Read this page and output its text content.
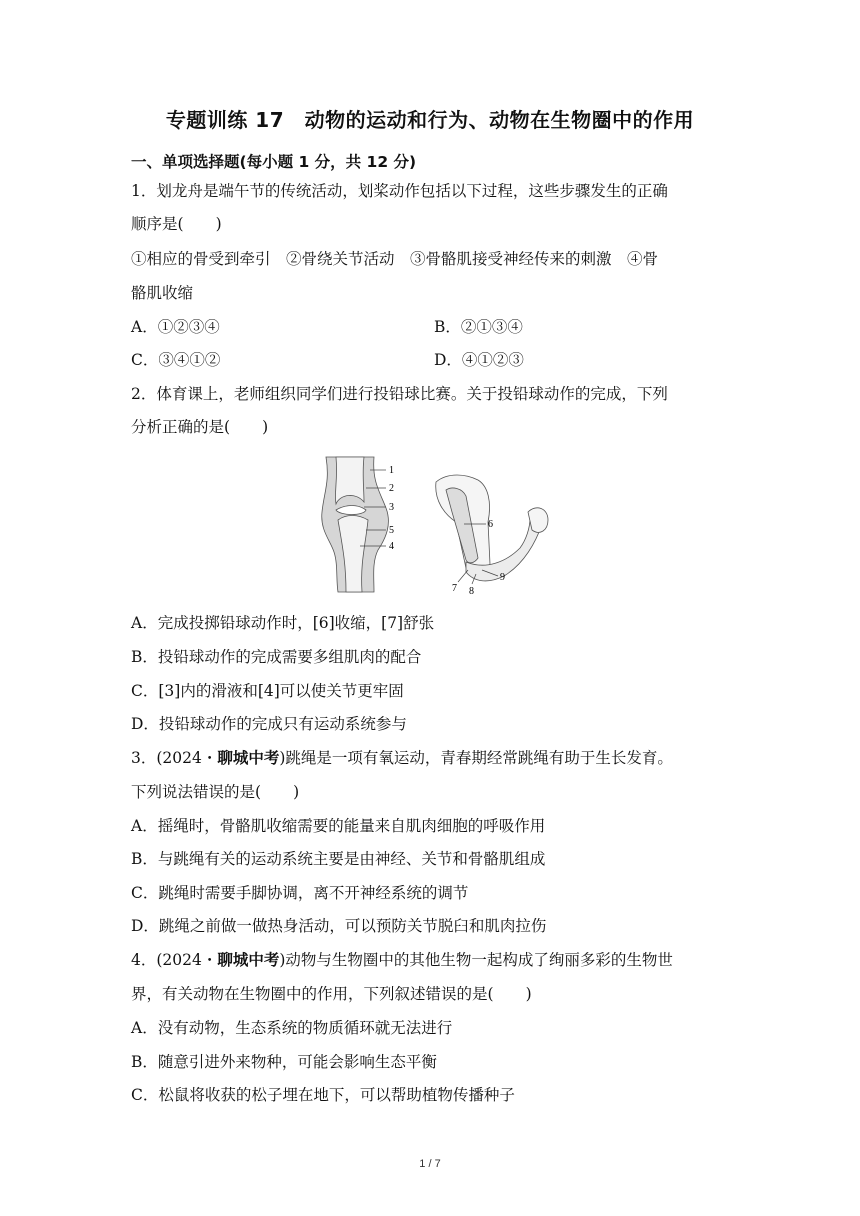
专题训练 17　动物的运动和行为、动物在生物圈中的作用
一、单项选择题(每小题 1 分，共 12 分)
1．划龙舟是端午节的传统活动，划桨动作包括以下过程，这些步骤发生的正确
顺序是( )
①相应的骨受到牵引　②骨绕关节活动　③骨骼肌接受神经传来的刺激　④骨
骼肌收缩
A．①②③④	B．②①③④
C．③④①②	D．④①②③
2．体育课上，老师组织同学们进行投铅球比赛。关于投铅球动作的完成，下列
分析正确的是( )
1
2
3
5
4
6
7 8
9
A．完成投掷铅球动作时，[6]收缩，[7]舒张
B．投铅球动作的完成需要多组肌肉的配合
C．[3]内的滑液和[4]可以使关节更牢固
D．投铅球动作的完成只有运动系统参与
3．(2024・聊城中考)跳绳是一项有氧运动，青春期经常跳绳有助于生长发育。
下列说法错误的是( )
A．摇绳时，骨骼肌收缩需要的能量来自肌肉细胞的呼吸作用
B．与跳绳有关的运动系统主要是由神经、关节和骨骼肌组成
C．跳绳时需要手脚协调，离不开神经系统的调节
D．跳绳之前做一做热身活动，可以预防关节脱臼和肌肉拉伤
4．(2024・聊城中考)动物与生物圈中的其他生物一起构成了绚丽多彩的生物世
界，有关动物在生物圈中的作用，下列叙述错误的是( )
A．没有动物，生态系统的物质循环就无法进行
B．随意引进外来物种，可能会影响生态平衡
C．松鼠将收获的松子埋在地下，可以帮助植物传播种子
1 / 7
